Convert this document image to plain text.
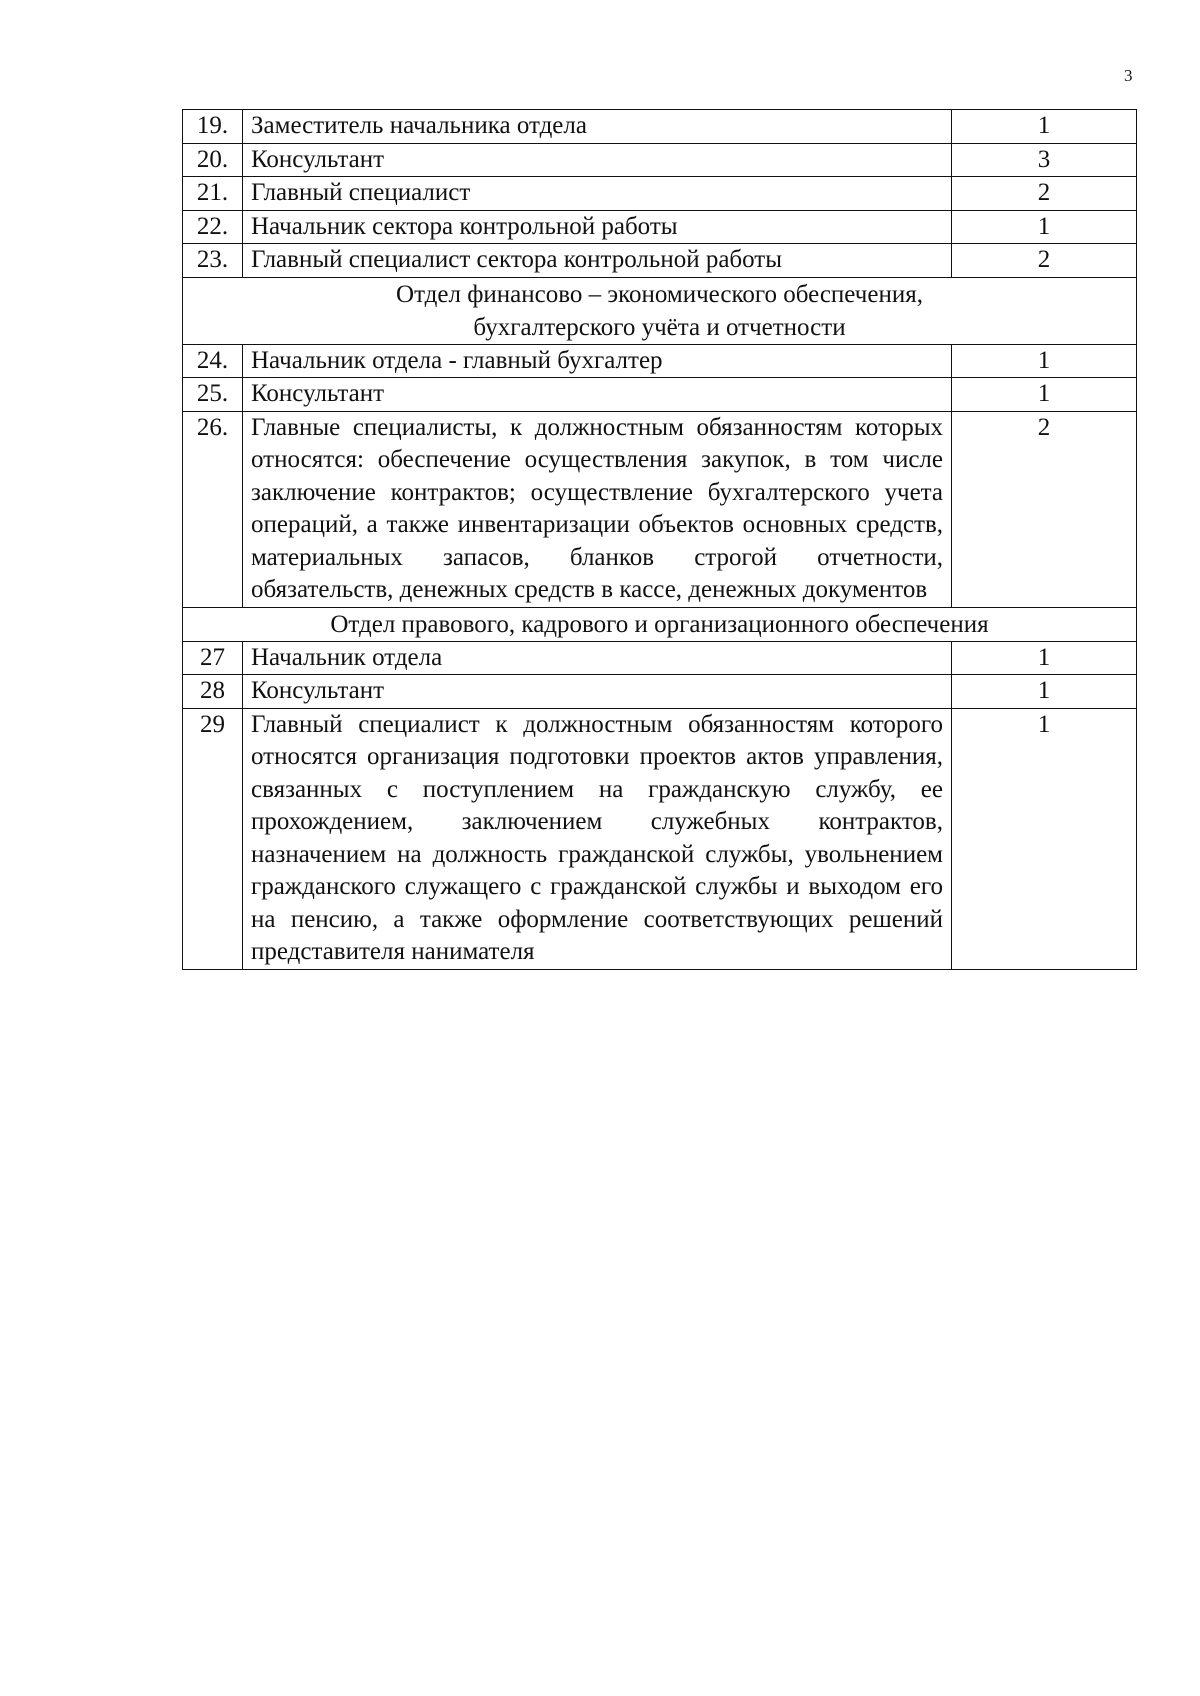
3
19.	Заместитель начальника отдела	1
20.	Консультант	3
21.	Главный специалист	2
22.	Начальник сектора контрольной работы	1
23.	Главный специалист сектора контрольной работы	2

Отдел финансово – экономического обеспечения,
бухгалтерского учёта и отчетности		

24.	Начальник отдела - главный бухгалтер	1
25.	Консультант	1
26.	Главные специалисты, к должностным обязанностям которых относятся: обеспечение осуществления закупок, в том числе заключение контрактов; осуществление бухгалтерского учета операций, а также инвентаризации объектов основных средств, материальных запасов, бланков строгой отчетности, обязательств, денежных средств в кассе, денежных документов	2

Отдел правового, кадрового и организационного обеспечения		

27	Начальник отдела	1
28	Консультант	1
29	Главный специалист к должностным обязанностям которого относятся организация подготовки проектов актов управления, связанных с поступлением на гражданскую службу, ее прохождением, заключением служебных контрактов, назначением на должность гражданской службы, увольнением гражданского служащего с гражданской службы и выходом его на пенсию, а также оформление соответствующих решений представителя нанимателя	1
